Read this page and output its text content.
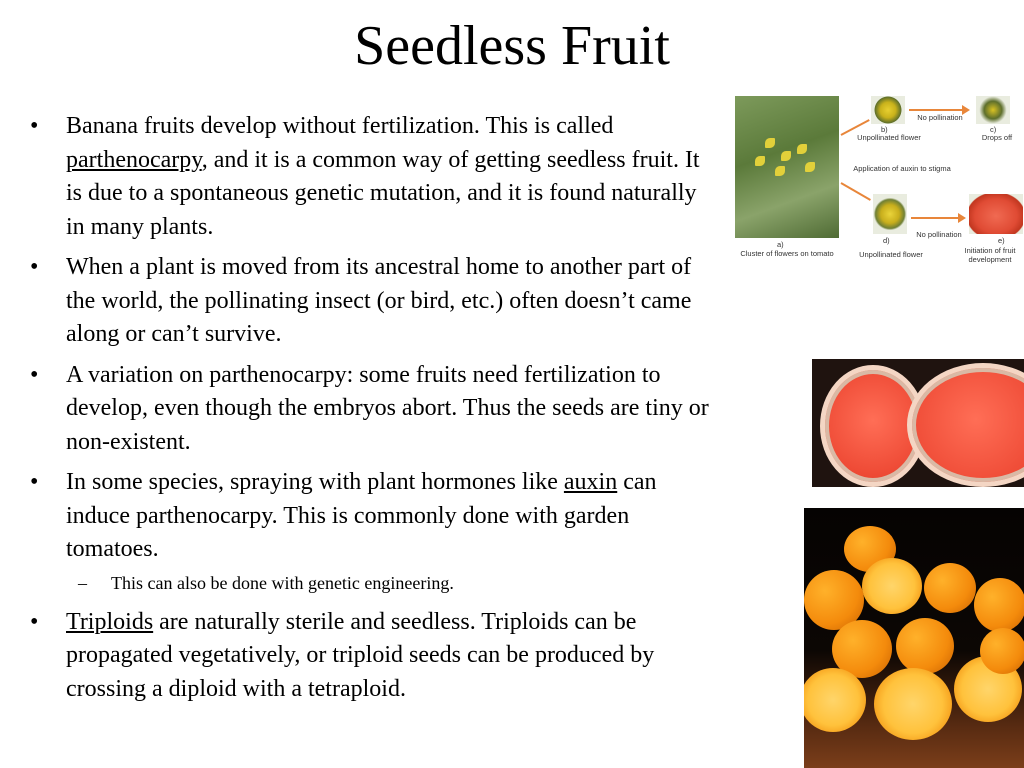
Seedless Fruit
• Banana fruits develop without fertilization. This is called parthenocarpy, and it is a common way of getting seedless fruit. It is due to a spontaneous genetic mutation, and it is found naturally in many plants.
• When a plant is moved from its ancestral home to another part of the world, the pollinating insect (or bird, etc.) often doesn’t came along or can’t survive.
• A variation on parthenocarpy: some fruits need fertilization to develop, even though the embryos abort. Thus the seeds are tiny or non-existent.
• In some species, spraying with plant hormones like auxin can induce parthenocarpy. This is commonly done with garden tomatoes.
– This can also be done with genetic engineering.
• Triploids are naturally sterile and seedless. Triploids can be propagated vegetatively, or triploid seeds can be produced by crossing a diploid with a tetraploid.
a)
Cluster of flowers on tomato
b)
Unpollinated flower
No pollination
c)
Drops off
Application of auxin to stigma
d)
Unpollinated flower
No pollination
e)
Initiation of fruit development
